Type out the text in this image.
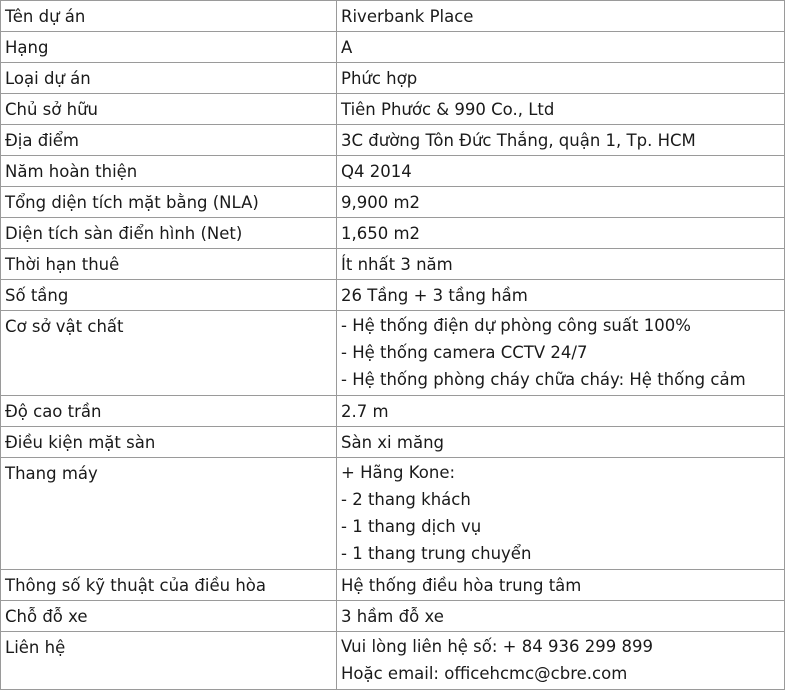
Tên dự án	Riverbank Place
Hạng	A
Loại dự án	Phức hợp
Chủ sở hữu	Tiên Phước & 990 Co., Ltd
Địa điểm	3C đường Tôn Đức Thắng, quận 1, Tp. HCM
Năm hoàn thiện	Q4 2014
Tổng diện tích mặt bằng (NLA)	9,900 m2
Diện tích sàn điển hình (Net)	1,650 m2
Thời hạn thuê	Ít nhất 3 năm
Số tầng	26 Tầng + 3 tầng hầm
Cơ sở vật chất	- Hệ thống điện dự phòng công suất 100%
- Hệ thống camera CCTV 24/7
- Hệ thống phòng cháy chữa cháy: Hệ thống cảm

Độ cao trần	2.7 m
Điều kiện mặt sàn	Sàn xi măng
Thang máy	+ Hãng Kone:
- 2 thang khách
- 1 thang dịch vụ
- 1 thang trung chuyển

Thông số kỹ thuật của điều hòa	Hệ thống điều hòa trung tâm
Chỗ đỗ xe	3 hầm đỗ xe
Liên hệ	Vui lòng liên hệ số: + 84 936 299 899
Hoặc email: officehcmc@cbre.com
